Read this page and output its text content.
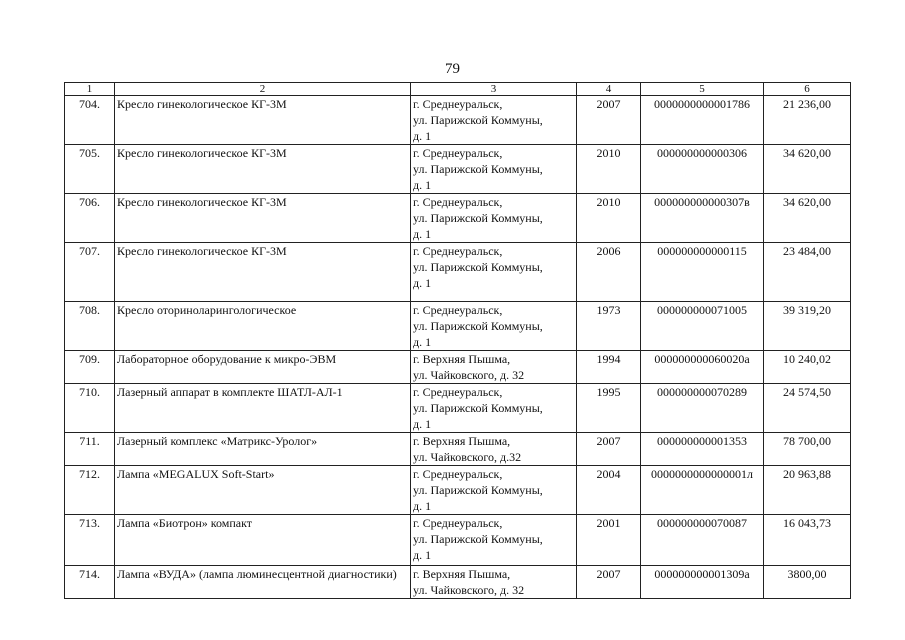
79
1	2	3	4	5	6
704.	Кресло гинекологическое КГ-3М	г. Среднеуральск,
ул. Парижской Коммуны,
д. 1	2007	0000000000001786	21 236,00
705.	Кресло гинекологическое КГ-3М	г. Среднеуральск,
ул. Парижской Коммуны,
д. 1	2010	000000000000306	34 620,00
706.	Кресло гинекологическое КГ-3М	г. Среднеуральск,
ул. Парижской Коммуны,
д. 1	2010	000000000000307в	34 620,00
707.	Кресло гинекологическое КГ-3М	г. Среднеуральск,
ул. Парижской Коммуны,
д. 1	2006	000000000000115	23 484,00
708.	Кресло оториноларингологическое	г. Среднеуральск,
ул. Парижской Коммуны,
д. 1	1973	000000000071005	39 319,20
709.	Лабораторное оборудование к микро-ЭВМ	г. Верхняя Пышма,
ул. Чайковского, д. 32	1994	000000000060020а	10 240,02
710.	Лазерный аппарат в комплекте ШАТЛ-АЛ-1	г. Среднеуральск,
ул. Парижской Коммуны,
д. 1	1995	000000000070289	24 574,50
711.	Лазерный комплекс «Матрикс-Уролог»	г. Верхняя Пышма,
ул. Чайковского, д.32	2007	000000000001353	78 700,00
712.	Лампа «MEGALUX Soft-Start»	г. Среднеуральск,
ул. Парижской Коммуны,
д. 1	2004	0000000000000001л	20 963,88
713.	Лампа «Биотрон» компакт	г. Среднеуральск,
ул. Парижской Коммуны,
д. 1	2001	000000000070087	16 043,73
714.	Лампа «ВУДА» (лампа люминесцентной диагностики)	г. Верхняя Пышма,
ул. Чайковского, д. 32	2007	000000000001309а	3800,00
